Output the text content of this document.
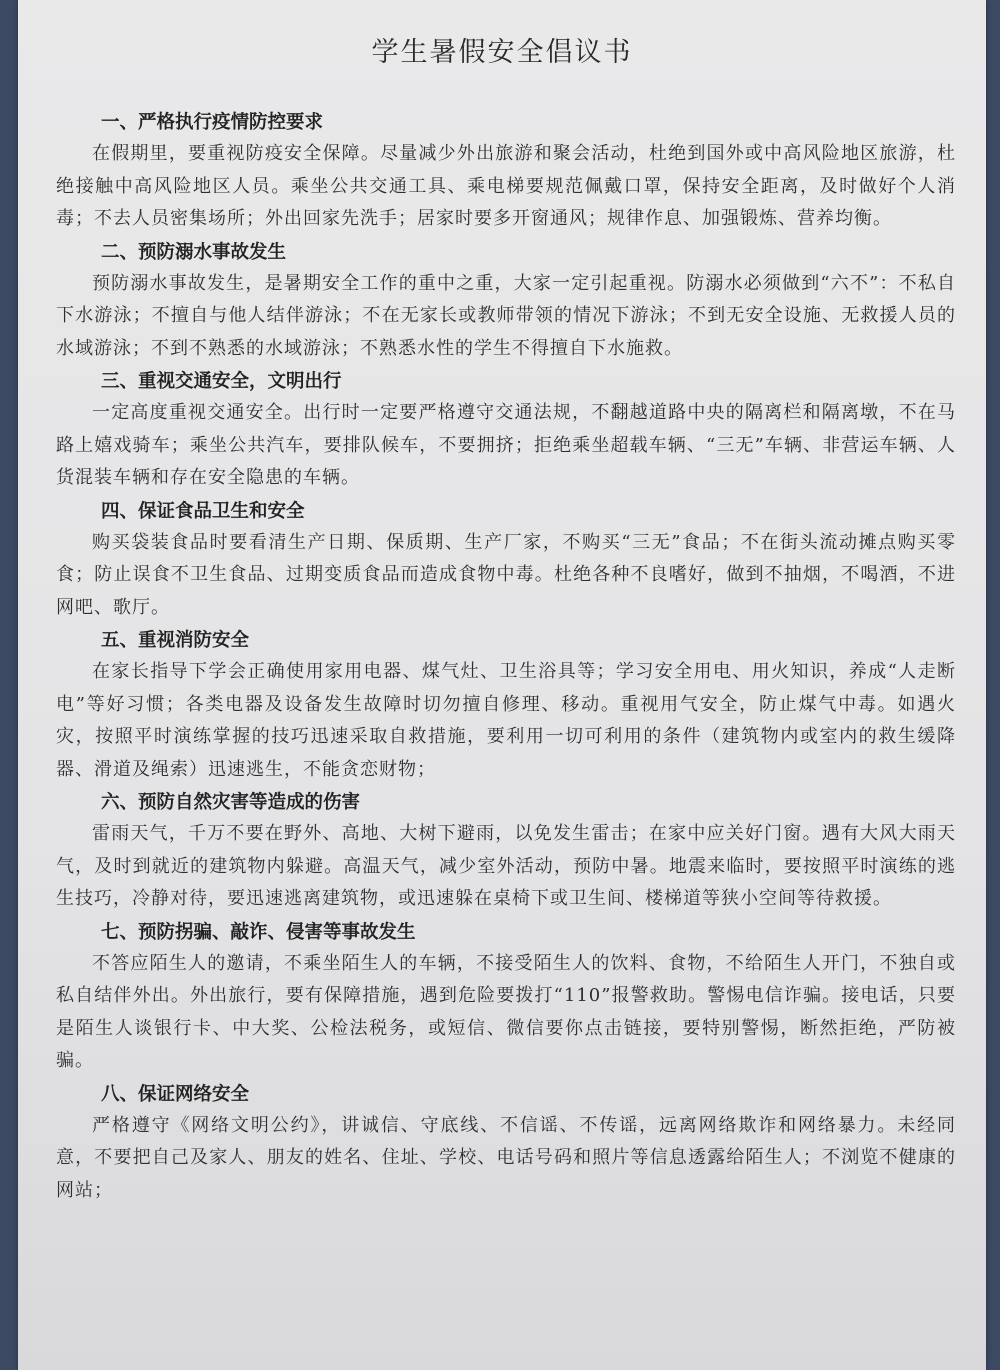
学生暑假安全倡议书
一、严格执行疫情防控要求

在假期里，要重视防疫安全保障。尽量减少外出旅游和聚会活动，杜绝到国外或中高风险地区旅游，杜绝接触中高风险地区人员。乘坐公共交通工具、乘电梯要规范佩戴口罩，保持安全距离，及时做好个人消毒；不去人员密集场所；外出回家先洗手；居家时要多开窗通风；规律作息、加强锻炼、营养均衡。

二、预防溺水事故发生

预防溺水事故发生，是暑期安全工作的重中之重，大家一定引起重视。防溺水必须做到“六不”：不私自下水游泳；不擅自与他人结伴游泳；不在无家长或教师带领的情况下游泳；不到无安全设施、无救援人员的水域游泳；不到不熟悉的水域游泳；不熟悉水性的学生不得擅自下水施救。

三、重视交通安全，文明出行

一定高度重视交通安全。出行时一定要严格遵守交通法规，不翻越道路中央的隔离栏和隔离墩，不在马路上嬉戏骑车；乘坐公共汽车，要排队候车，不要拥挤；拒绝乘坐超载车辆、“三无”车辆、非营运车辆、人货混装车辆和存在安全隐患的车辆。

四、保证食品卫生和安全

购买袋装食品时要看清生产日期、保质期、生产厂家，不购买“三无”食品；不在街头流动摊点购买零食；防止误食不卫生食品、过期变质食品而造成食物中毒。杜绝各种不良嗜好，做到不抽烟，不喝酒，不进网吧、歌厅。

五、重视消防安全

在家长指导下学会正确使用家用电器、煤气灶、卫生浴具等；学习安全用电、用火知识，养成“人走断电”等好习惯；各类电器及设备发生故障时切勿擅自修理、移动。重视用气安全，防止煤气中毒。如遇火灾，按照平时演练掌握的技巧迅速采取自救措施，要利用一切可利用的条件（建筑物内或室内的救生缓降器、滑道及绳索）迅速逃生，不能贪恋财物；

六、预防自然灾害等造成的伤害

雷雨天气，千万不要在野外、高地、大树下避雨，以免发生雷击；在家中应关好门窗。遇有大风大雨天气，及时到就近的建筑物内躲避。高温天气，减少室外活动，预防中暑。地震来临时，要按照平时演练的逃生技巧，冷静对待，要迅速逃离建筑物，或迅速躲在桌椅下或卫生间、楼梯道等狭小空间等待救援。

七、预防拐骗、敲诈、侵害等事故发生

不答应陌生人的邀请，不乘坐陌生人的车辆，不接受陌生人的饮料、食物，不给陌生人开门，不独自或私自结伴外出。外出旅行，要有保障措施，遇到危险要拨打“110”报警救助。警惕电信诈骗。接电话，只要是陌生人谈银行卡、中大奖、公检法税务，或短信、微信要你点击链接，要特别警惕，断然拒绝，严防被骗。

八、保证网络安全

严格遵守《网络文明公约》，讲诚信、守底线、不信谣、不传谣，远离网络欺诈和网络暴力。未经同意，不要把自己及家人、朋友的姓名、住址、学校、电话号码和照片等信息透露给陌生人；不浏览不健康的网站；
